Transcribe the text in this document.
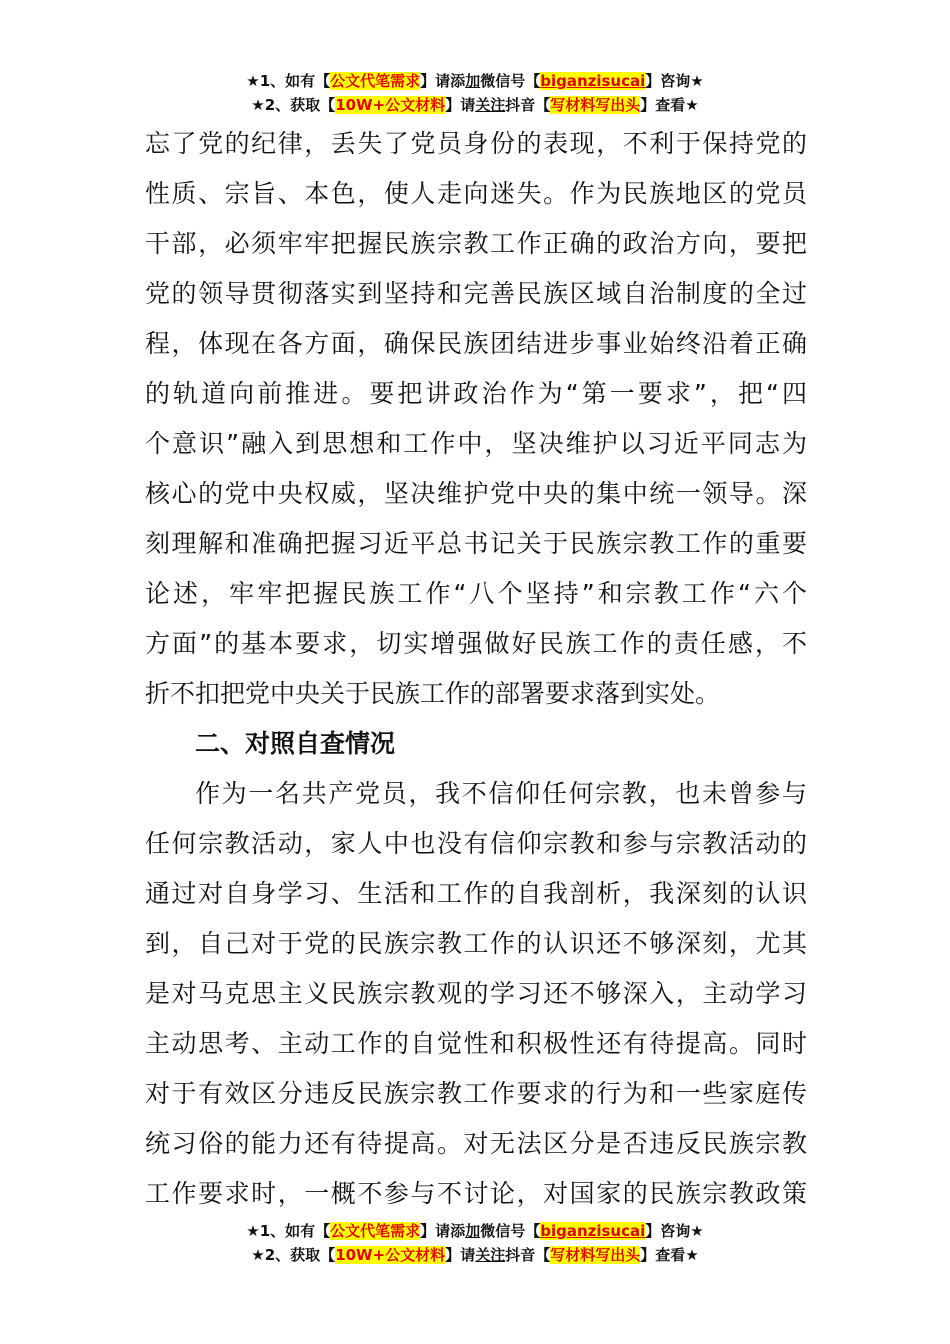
★1、如有【公文代笔需求】请添加微信号【biganzisucai】咨询★
★2、获取【10W+公文材料】请关注抖音【写材料写出头】查看★
忘了党的纪律，丢失了党员身份的表现，不利于保持党的
性质、宗旨、本色，使人走向迷失。作为民族地区的党员
干部，必须牢牢把握民族宗教工作正确的政治方向，要把
党的领导贯彻落实到坚持和完善民族区域自治制度的全过
程，体现在各方面，确保民族团结进步事业始终沿着正确
的轨道向前推进。要把讲政治作为“第一要求”，把“四
个意识”融入到思想和工作中，坚决维护以习近平同志为
核心的党中央权威，坚决维护党中央的集中统一领导。深
刻理解和准确把握习近平总书记关于民族宗教工作的重要
论述，牢牢把握民族工作“八个坚持”和宗教工作“六个
方面”的基本要求，切实增强做好民族工作的责任感，不
折不扣把党中央关于民族工作的部署要求落到实处。
二、对照自查情况
作为一名共产党员，我不信仰任何宗教，也未曾参与
任何宗教活动，家人中也没有信仰宗教和参与宗教活动的
通过对自身学习、生活和工作的自我剖析，我深刻的认识
到，自己对于党的民族宗教工作的认识还不够深刻，尤其
是对马克思主义民族宗教观的学习还不够深入，主动学习
主动思考、主动工作的自觉性和积极性还有待提高。同时
对于有效区分违反民族宗教工作要求的行为和一些家庭传
统习俗的能力还有待提高。对无法区分是否违反民族宗教
工作要求时，一概不参与不讨论，对国家的民族宗教政策
★1、如有【公文代笔需求】请添加微信号【biganzisucai】咨询★
★2、获取【10W+公文材料】请关注抖音【写材料写出头】查看★
